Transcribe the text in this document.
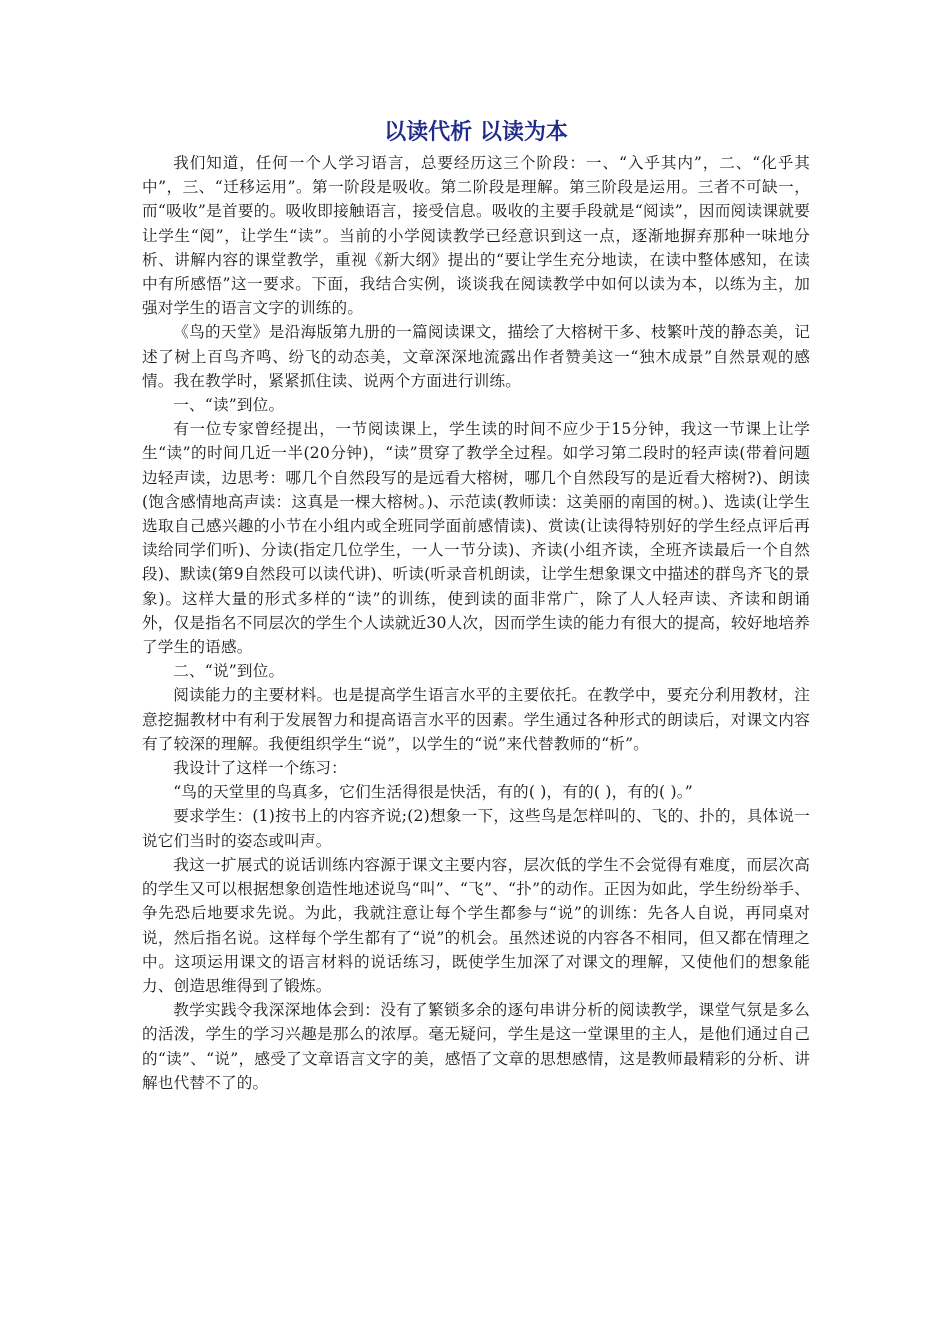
以读代析 以读为本

我们知道，任何一个人学习语言，总要经历这三个阶段：一、“入乎其内”，二、“化乎其中”，三、“迁移运用”。第一阶段是吸收。第二阶段是理解。第三阶段是运用。三者不可缺一，而“吸收”是首要的。吸收即接触语言，接受信息。吸收的主要手段就是“阅读”，因而阅读课就要让学生“阅”，让学生“读”。当前的小学阅读教学已经意识到这一点，逐渐地摒弃那种一味地分析、讲解内容的课堂教学，重视《新大纲》提出的“要让学生充分地读，在读中整体感知，在读中有所感悟”这一要求。下面，我结合实例，谈谈我在阅读教学中如何以读为本，以练为主，加强对学生的语言文字的训练的。

《鸟的天堂》是沿海版第九册的一篇阅读课文，描绘了大榕树干多、枝繁叶茂的静态美，记述了树上百鸟齐鸣、纷飞的动态美，文章深深地流露出作者赞美这一“独木成景”自然景观的感情。我在教学时，紧紧抓住读、说两个方面进行训练。

一、“读”到位。

有一位专家曾经提出，一节阅读课上，学生读的时间不应少于15分钟，我这一节课上让学生“读”的时间几近一半(20分钟)，“读”贯穿了教学全过程。如学习第二段时的轻声读(带着问题边轻声读，边思考：哪几个自然段写的是远看大榕树，哪几个自然段写的是近看大榕树?)、朗读(饱含感情地高声读：这真是一棵大榕树。)、示范读(教师读：这美丽的南国的树。)、选读(让学生选取自己感兴趣的小节在小组内或全班同学面前感情读)、赏读(让读得特别好的学生经点评后再读给同学们听)、分读(指定几位学生，一人一节分读)、齐读(小组齐读，全班齐读最后一个自然段)、默读(第9自然段可以读代讲)、听读(听录音机朗读，让学生想象课文中描述的群鸟齐飞的景象)。这样大量的形式多样的“读”的训练，使到读的面非常广，除了人人轻声读、齐读和朗诵外，仅是指名不同层次的学生个人读就近30人次，因而学生读的能力有很大的提高，较好地培养了学生的语感。

二、“说”到位。

阅读能力的主要材料。也是提高学生语言水平的主要依托。在教学中，要充分利用教材，注意挖掘教材中有利于发展智力和提高语言水平的因素。学生通过各种形式的朗读后，对课文内容有了较深的理解。我便组织学生“说”，以学生的“说”来代替教师的“析”。

我设计了这样一个练习：

“鸟的天堂里的鸟真多，它们生活得很是快活，有的( )，有的( )，有的( )。”

要求学生：(1)按书上的内容齐说;(2)想象一下，这些鸟是怎样叫的、飞的、扑的，具体说一说它们当时的姿态或叫声。

我这一扩展式的说话训练内容源于课文主要内容，层次低的学生不会觉得有难度，而层次高的学生又可以根据想象创造性地述说鸟“叫”、“飞”、“扑”的动作。正因为如此，学生纷纷举手、争先恐后地要求先说。为此，我就注意让每个学生都参与“说”的训练：先各人自说，再同桌对说，然后指名说。这样每个学生都有了“说”的机会。虽然述说的内容各不相同，但又都在情理之中。这项运用课文的语言材料的说话练习，既使学生加深了对课文的理解，又使他们的想象能力、创造思维得到了锻炼。

教学实践令我深深地体会到：没有了繁锁多余的逐句串讲分析的阅读教学，课堂气氛是多么的活泼，学生的学习兴趣是那么的浓厚。毫无疑问，学生是这一堂课里的主人，是他们通过自己的“读”、“说”，感受了文章语言文字的美，感悟了文章的思想感情，这是教师最精彩的分析、讲解也代替不了的。
